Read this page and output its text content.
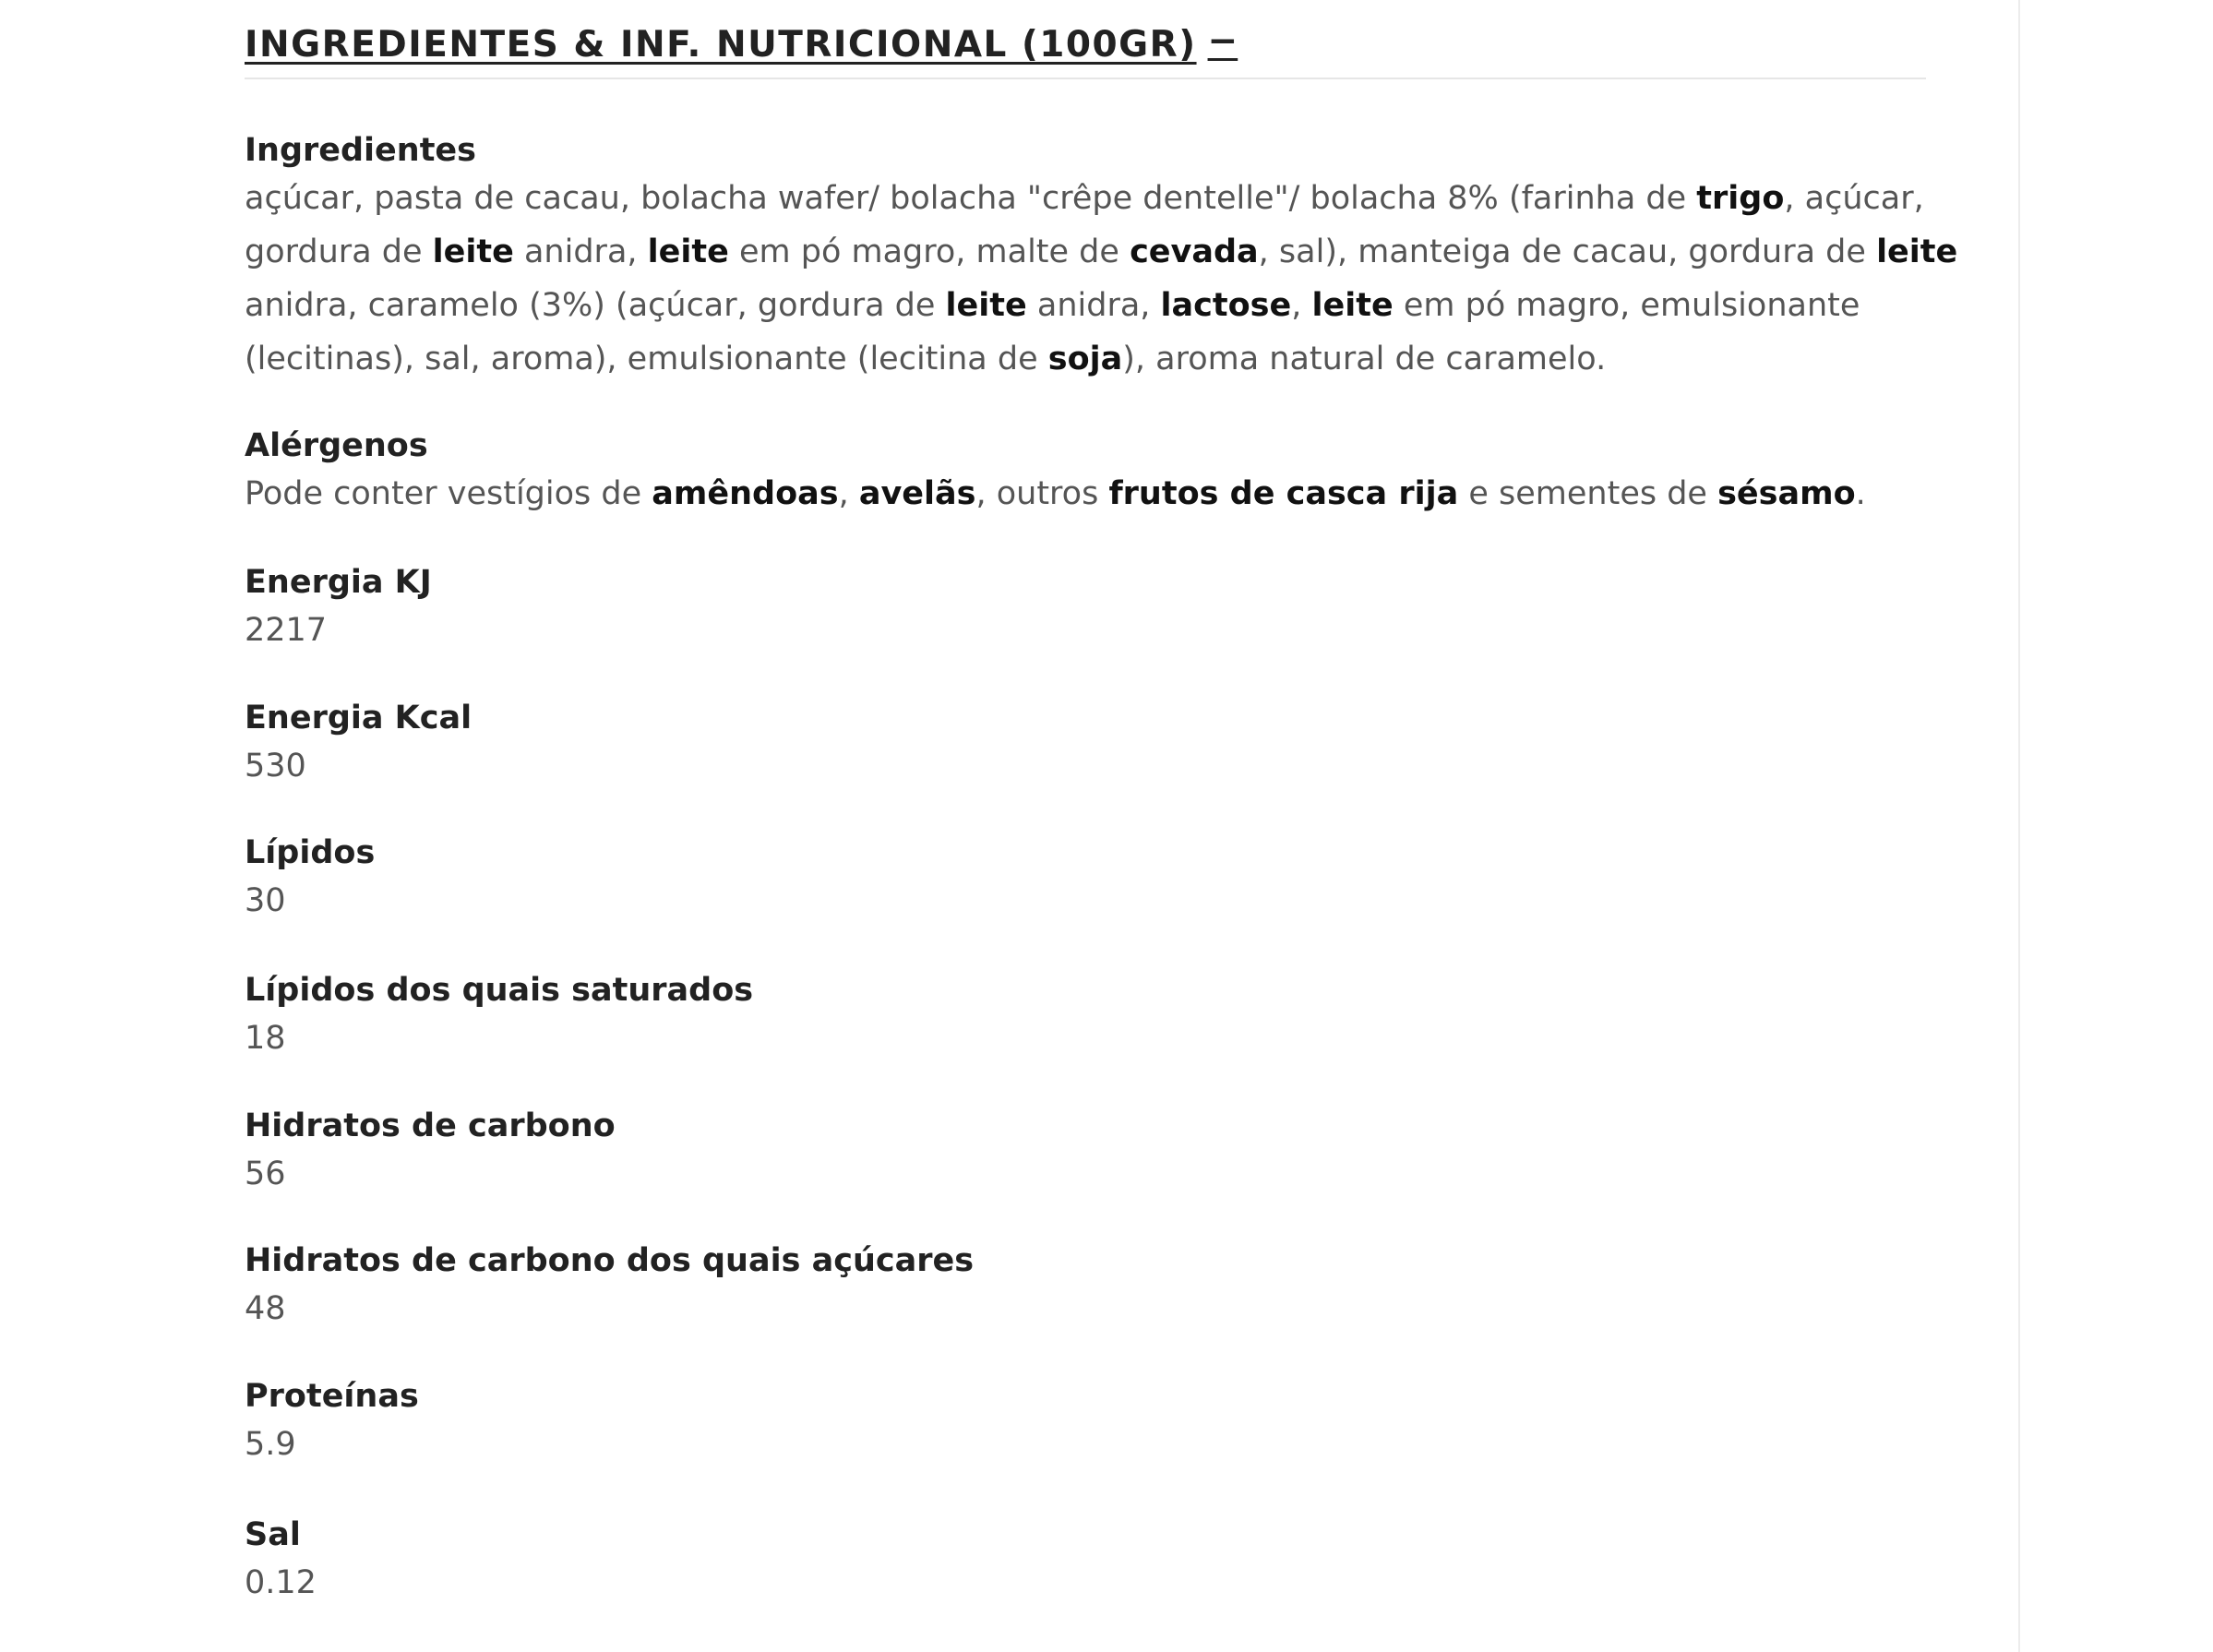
INGREDIENTES & INF. NUTRICIONAL (100GR) −
Ingredientes
açúcar, pasta de cacau, bolacha wafer/ bolacha "crêpe dentelle"/ bolacha 8% (farinha de trigo, açúcar,
gordura de leite anidra, leite em pó magro, malte de cevada, sal), manteiga de cacau, gordura de leite
anidra, caramelo (3%) (açúcar, gordura de leite anidra, lactose, leite em pó magro, emulsionante
(lecitinas), sal, aroma), emulsionante (lecitina de soja), aroma natural de caramelo.
Alérgenos
Pode conter vestígios de amêndoas, avelãs, outros frutos de casca rija e sementes de sésamo.
Energia KJ
2217
Energia Kcal
530
Lípidos
30
Lípidos dos quais saturados
18
Hidratos de carbono
56
Hidratos de carbono dos quais açúcares
48
Proteínas
5.9
Sal
0.12
